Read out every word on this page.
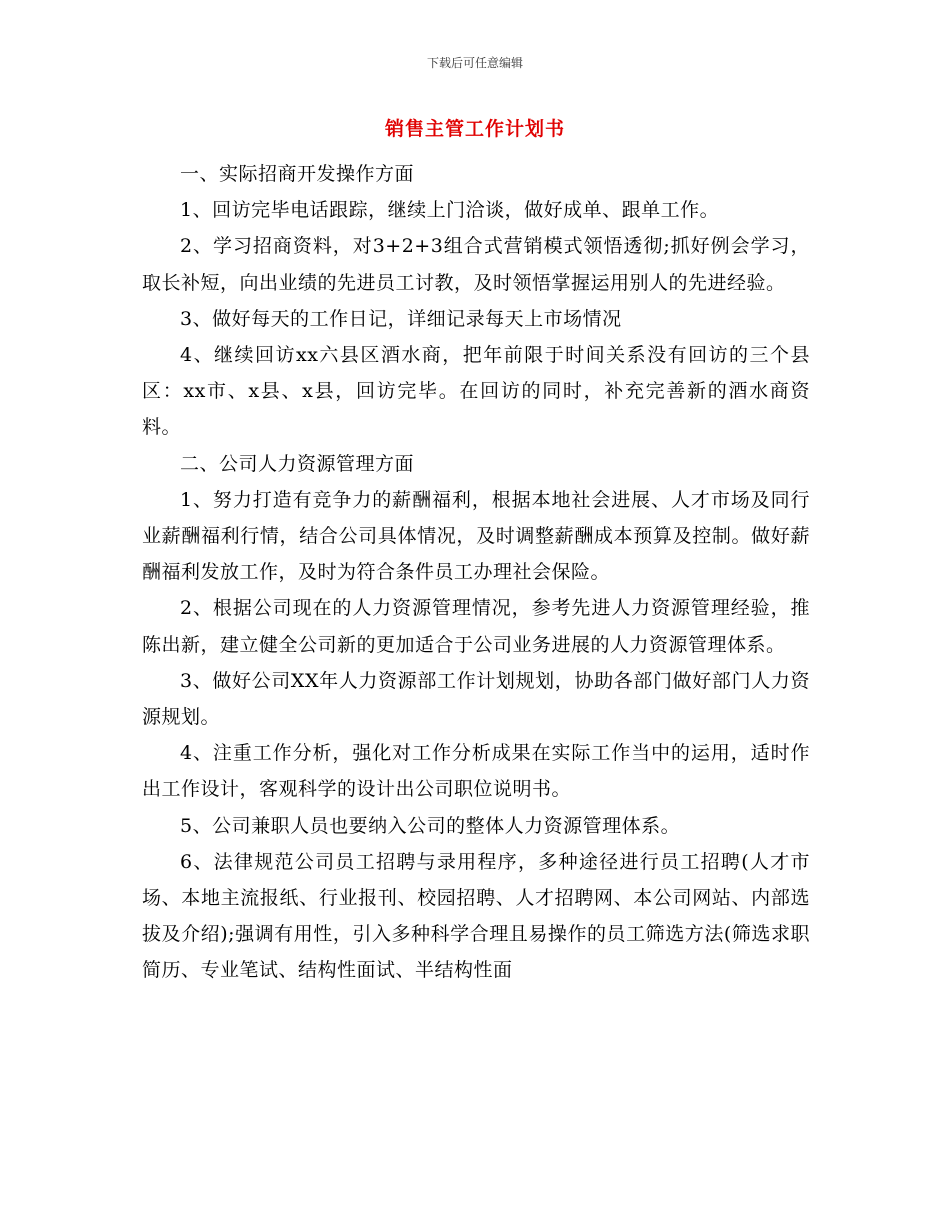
下载后可任意编辑
销售主管工作计划书

一、实际招商开发操作方面

1、回访完毕电话跟踪，继续上门洽谈，做好成单、跟单工作。

2、学习招商资料，对3+2+3组合式营销模式领悟透彻;抓好例会学习，取长补短，向出业绩的先进员工讨教，及时领悟掌握运用别人的先进经验。

3、做好每天的工作日记，详细记录每天上市场情况

4、继续回访xx六县区酒水商，把年前限于时间关系没有回访的三个县区：xx市、x县、x县，回访完毕。在回访的同时，补充完善新的酒水商资料。

二、公司人力资源管理方面

1、努力打造有竞争力的薪酬福利，根据本地社会进展、人才市场及同行业薪酬福利行情，结合公司具体情况，及时调整薪酬成本预算及控制。做好薪酬福利发放工作，及时为符合条件员工办理社会保险。

2、根据公司现在的人力资源管理情况，参考先进人力资源管理经验，推陈出新，建立健全公司新的更加适合于公司业务进展的人力资源管理体系。

3、做好公司XX年人力资源部工作计划规划，协助各部门做好部门人力资源规划。

4、注重工作分析，强化对工作分析成果在实际工作当中的运用，适时作出工作设计，客观科学的设计出公司职位说明书。

5、公司兼职人员也要纳入公司的整体人力资源管理体系。

6、法律规范公司员工招聘与录用程序，多种途径进行员工招聘(人才市场、本地主流报纸、行业报刊、校园招聘、人才招聘网、本公司网站、内部选拔及介绍);强调有用性，引入多种科学合理且易操作的员工筛选方法(筛选求职简历、专业笔试、结构性面试、半结构性面
